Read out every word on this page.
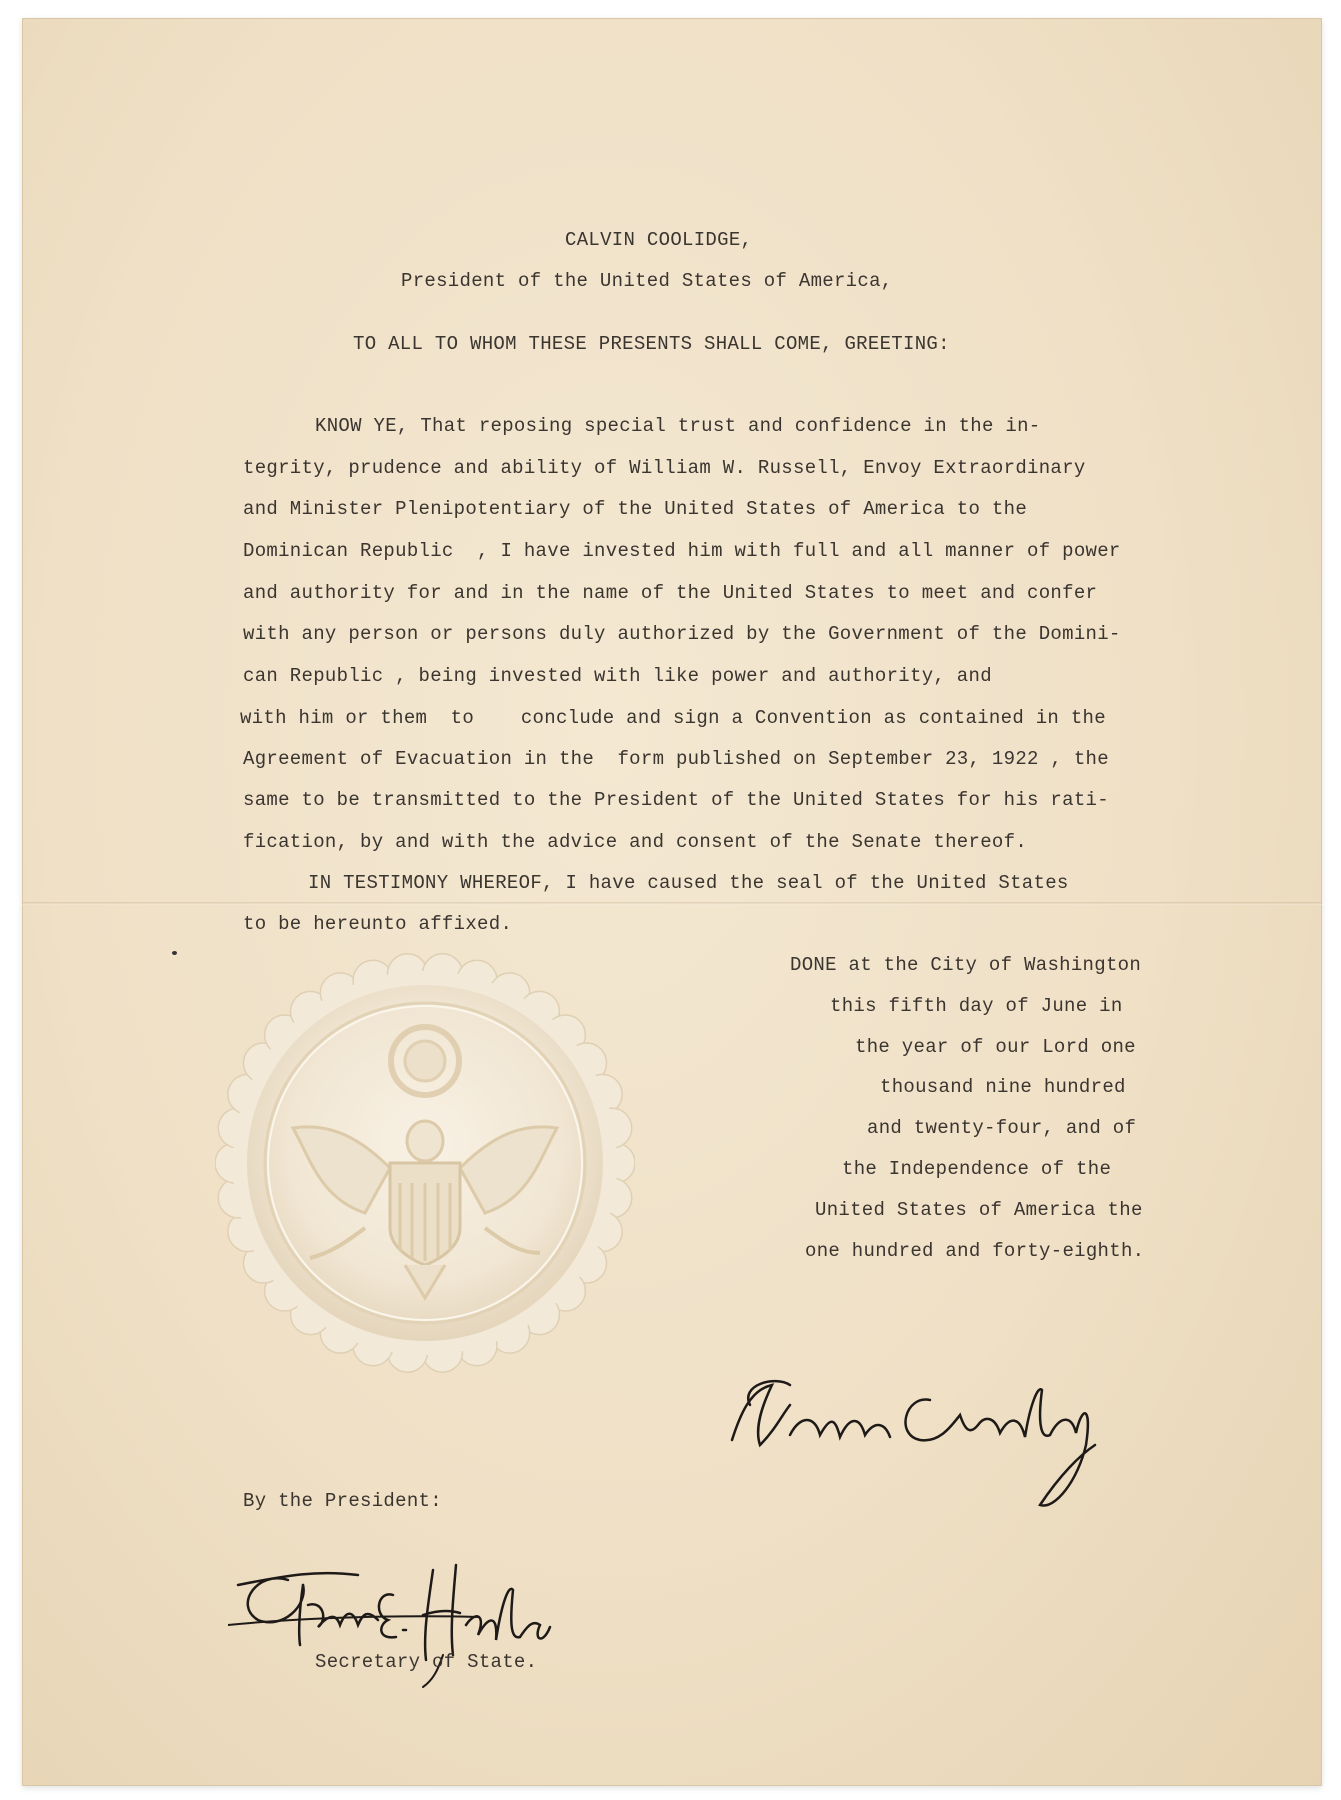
CALVIN COOLIDGE,

President of the United States of America,

TO ALL TO WHOM THESE PRESENTS SHALL COME, GREETING:

KNOW YE, That reposing special trust and confidence in the in-

tegrity, prudence and ability of William W. Russell, Envoy Extraordinary

and Minister Plenipotentiary of the United States of America to the

Dominican Republic  , I have invested him with full and all manner of power

and authority for and in the name of the United States to meet and confer

with any person or persons duly authorized by the Government of the Domini-

can Republic , being invested with like power and authority, and

with him or them  to    conclude and sign a Convention as contained in the

Agreement of Evacuation in the  form published on September 23, 1922 , the

same to be transmitted to the President of the United States for his rati-

fication, by and with the advice and consent of the Senate thereof.

IN TESTIMONY WHEREOF, I have caused the seal of the United States

to be hereunto affixed.

DONE at the City of Washington

this fifth day of June in

the year of our Lord one

thousand nine hundred

and twenty-four, and of

the Independence of the

United States of America the

one hundred and forty-eighth.

By the President:

Secretary of State.
